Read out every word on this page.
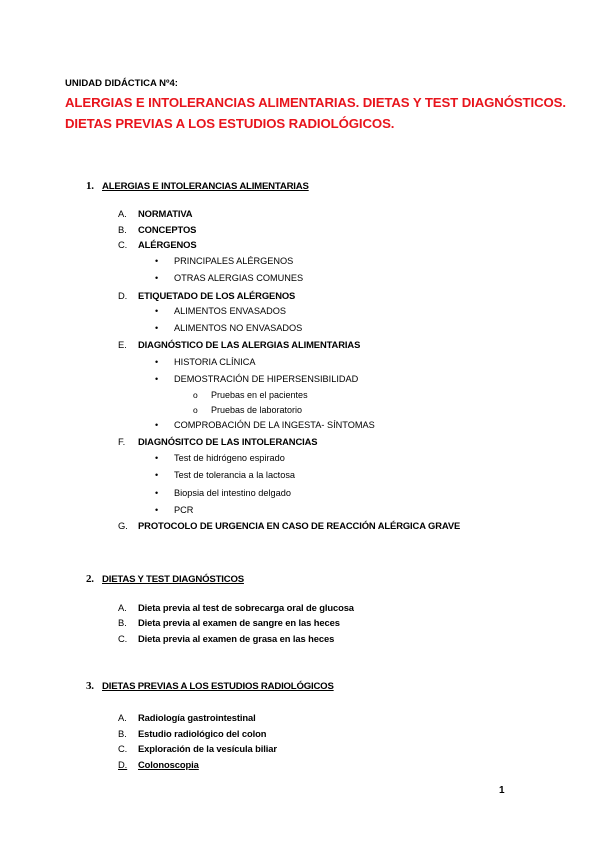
UNIDAD DIDÁCTICA Nº4:
ALERGIAS E INTOLERANCIAS ALIMENTARIAS. DIETAS Y TEST DIAGNÓSTICOS.
DIETAS PREVIAS A LOS ESTUDIOS RADIOLÓGICOS.
1. ALERGIAS E INTOLERANCIAS ALIMENTARIAS
A. NORMATIVA
B. CONCEPTOS
C. ALÉRGENOS
• PRINCIPALES ALÉRGENOS
• OTRAS ALERGIAS COMUNES
D. ETIQUETADO DE LOS ALÉRGENOS
• ALIMENTOS ENVASADOS
• ALIMENTOS NO ENVASADOS
E. DIAGNÓSTICO DE LAS ALERGIAS ALIMENTARIAS
• HISTORIA CLÍNICA
• DEMOSTRACIÓN DE HIPERSENSIBILIDAD
o Pruebas en el pacientes
o Pruebas de laboratorio
• COMPROBACIÓN DE LA INGESTA- SÍNTOMAS
F. DIAGNÓSITCO DE LAS INTOLERANCIAS
• Test de hidrógeno espirado
• Test de tolerancia a la lactosa
• Biopsia del intestino delgado
• PCR
G. PROTOCOLO DE URGENCIA EN CASO DE REACCIÓN ALÉRGICA GRAVE
2. DIETAS Y TEST DIAGNÓSTICOS
A. Dieta previa al test de sobrecarga oral de glucosa
B. Dieta previa al examen de sangre en las heces
C. Dieta previa al examen de grasa en las heces
3. DIETAS PREVIAS A LOS ESTUDIOS RADIOLÓGICOS
A. Radiología gastrointestinal
B. Estudio radiológico del colon
C. Exploración de la vesícula biliar
D. Colonoscopia
1
